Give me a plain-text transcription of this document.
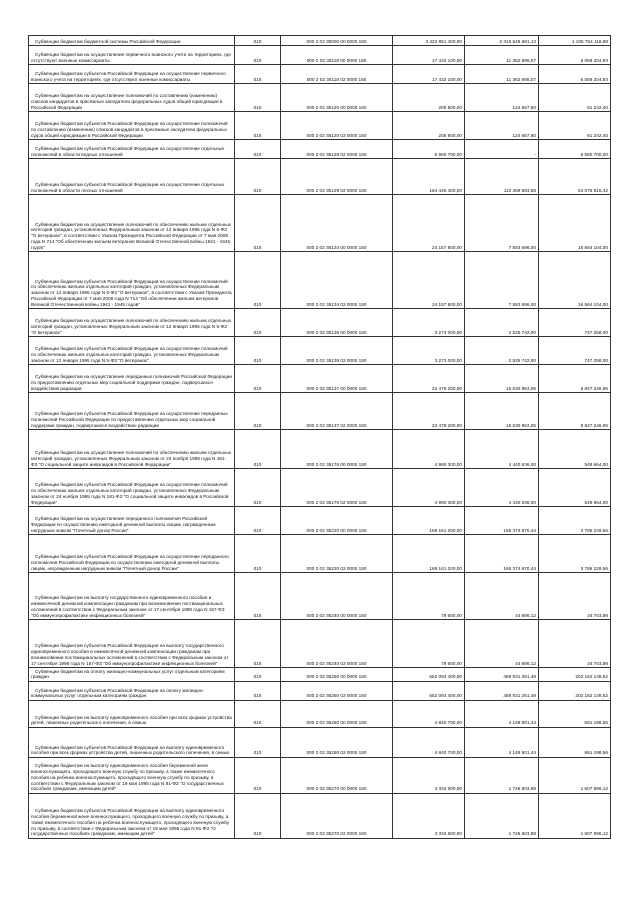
Субвенции бюджетам бюджетной системы Российской Федерации	010	000 2 02 30000 00 0000 150	3 422 851 400,00	2 316 545 681,13	1 106 754 118,88
Субвенции бюджетам на осуществление первичного воинского учета на территориях, где отсутствуют военные комиссариаты	010	000 2 02 35118 00 0000 150	17 432 100,00	11 362 895,07	6 069 204,93
Субвенции бюджетам субъектов Российской Федерации на осуществление первичного воинского учета на территориях, где отсутствуют военные комиссариаты	010	000 2 02 35118 02 0000 150	17 432 100,00	11 362 895,07	6 069 204,93
Субвенции бюджетам на осуществление полномочий по составлению (изменению) списков кандидатов в присяжные заседатели федеральных судов общей юрисдикции в Российской Федерации	010	000 2 02 35120 00 0000 150	205 900,00	124 657,60	81 242,40
Субвенции бюджетам субъектов Российской Федерации на осуществление полномочий по составлению (изменению) списков кандидатов в присяжные заседатели федеральных судов общей юрисдикции в Российской Федерации	010	000 2 02 35120 02 0000 150	205 900,00	124 657,60	81 242,40
Субвенции бюджетам субъектов Российской Федерации на осуществление отдельных полномочий в области водных отношений	010	000 2 02 35128 02 0000 150	6 560 700,00	-	6 560 700,00
Субвенции бюджетам субъектов Российской Федерации на осуществление отдельных полномочий в области лесных отношений	010	000 2 02 35129 02 0000 150	164 446 400,00	110 369 583,58	54 076 816,42
Субвенции бюджетам на осуществление полномочий по обеспечению жильем отдельных категорий граждан, установленных Федеральным законом от 12 января 1995 года N 5-ФЗ "О ветеранах", в соответствии с Указом Президента Российской Федерации от 7 мая 2008 года N 714 "Об обеспечении жильем ветеранов Великой Отечественной войны 1941 - 1945 годов"	010	000 2 02 35134 00 0000 150	24 157 800,00	7 593 696,00	16 564 104,00
Субвенции бюджетам субъектов Российской Федерации на осуществление полномочий по обеспечению жильем отдельных категорий граждан, установленных Федеральным законом от 12 января 1995 года N 5-ФЗ "О ветеранах", в соответствии с Указом Президента Российской Федерации от 7 мая 2008 года N 714 "Об обеспечении жильем ветеранов Великой Отечественной войны 1941 - 1945 годов"	010	000 2 02 35134 02 0000 150	24 157 800,00	7 593 696,00	16 564 104,00
Субвенции бюджетам на осуществление полномочий по обеспечению жильем отдельных категорий граждан, установленных Федеральным законом от 12 января 1995 года N 5-ФЗ "О ветеранах"	010	000 2 02 35135 00 0000 150	3 273 000,00	2 525 742,00	747 258,00
Субвенции бюджетам субъектов Российской Федерации на осуществление полномочий по обеспечению жильем отдельных категорий граждан, установленных Федеральным законом от 12 января 1995 года N 5-ФЗ "О ветеранах"	010	000 2 02 35135 02 0000 150	3 273 000,00	2 525 742,00	747 258,00
Субвенции бюджетам на осуществление переданных полномочий Российской Федерации по предоставлению отдельных мер социальной поддержки граждан, подвергшихся воздействию радиации	010	000 2 02 35137 00 0000 150	22 478 200,00	15 630 953,05	6 847 246,95
Субвенции бюджетам субъектов Российской Федерации на осуществление переданных полномочий Российской Федерации по предоставлению отдельных мер социальной поддержки граждан, подвергшихся воздействию радиации	010	000 2 02 35137 02 0000 150	22 478 200,00	15 630 953,05	6 847 246,95
Субвенции бюджетам на осуществление полномочий по обеспечению жильем отдельных категорий граждан, установленных Федеральным законом от 24 ноября 1995 года N 181-ФЗ "О социальной защите инвалидов в Российской Федерации"	010	000 2 02 35176 00 0000 150	4 990 300,00	4 440 636,00	549 664,00
Субвенции бюджетам субъектов Российской Федерации на осуществление полномочий по обеспечению жильем отдельных категорий граждан, установленных Федеральным законом от 24 ноября 1995 года N 181-ФЗ "О социальной защите инвалидов в Российской Федерации"	010	000 2 02 35176 02 0000 150	4 990 300,00	4 440 636,00	549 664,00
Субвенции бюджетам на осуществление переданного полномочия Российской Федерации по осуществлению ежегодной денежной выплаты лицам, награжденным нагрудным знаком "Почетный донор России"	010	000 2 02 35220 00 0000 150	169 161 200,00	165 374 970,44	3 786 229,56
Субвенции бюджетам субъектов Российской Федерации на осуществление переданного полномочия Российской Федерации по осуществлению ежегодной денежной выплаты лицам, награжденным нагрудным знаком "Почетный донор России"	010	000 2 02 35220 02 0000 150	169 161 200,00	165 374 970,44	3 786 229,56
Субвенции бюджетам на выплату государственного единовременного пособия и ежемесячной денежной компенсации гражданам при возникновении поствакцинальных осложнений в соответствии с Федеральным законом от 17 сентября 1998 года N 157-ФЗ "Об иммунопрофилактике инфекционных болезней"	010	000 2 02 35240 00 0000 150	79 600,00	44 896,12	34 703,88
Субвенции бюджетам субъектов Российской Федерации на выплату государственного единовременного пособия и ежемесячной денежной компенсации гражданам при возникновении поствакцинальных осложнений в соответствии с Федеральным законом от 17 сентября 1998 года N 157-ФЗ "Об иммунопрофилактике инфекционных болезней"	010	000 2 02 35240 02 0000 150	79 600,00	44 896,12	34 703,88
Субвенции бюджетам на оплату жилищно-коммунальных услуг отдельным категориям граждан	010	000 2 02 35250 00 0000 150	662 093 400,00	459 931 261,48	202 162 138,52
Субвенции бюджетам субъектов Российской Федерации на оплату жилищно-коммунальных услуг отдельным категориям граждан	010	000 2 02 35250 02 0000 150	662 093 400,00	459 931 261,48	202 162 138,52
Субвенции бюджетам на выплату единовременного пособия при всех формах устройства детей, лишенных родительского попечения, в семью	010	000 2 02 35260 00 0000 150	4 840 700,00	4 149 501,44	691 198,56
Субвенции бюджетам субъектов Российской Федерации на выплату единовременного пособия при всех формах устройства детей, лишенных родительского попечения, в семью	010	000 2 02 35260 02 0000 150	4 840 700,00	4 149 501,44	691 198,56
Субвенции бюджетам на выплату единовременного пособия беременной жене военнослужащего, проходящего военную службу по призыву, а также ежемесячного пособия на ребенка военнослужащего, проходящего военную службу по призыву, в соответствии с Федеральным законом от 19 мая 1995 года N 81-ФЗ "О государственных пособиях гражданам, имеющим детей"	010	000 2 02 35270 00 0000 150	3 334 600,00	1 726 603,88	1 607 996,12
Субвенции бюджетам субъектов Российской Федерации на выплату единовременного пособия беременной жене военнослужащего, проходящего военную службу по призыву, а также ежемесячного пособия на ребенка военнослужащего, проходящего военную службу по призыву, в соответствии с Федеральным законом от 19 мая 1995 года N 81-ФЗ "О государственных пособиях гражданам, имеющим детей"	010	000 2 02 35270 02 0000 150	3 334 600,00	1 726 603,88	1 607 996,12
